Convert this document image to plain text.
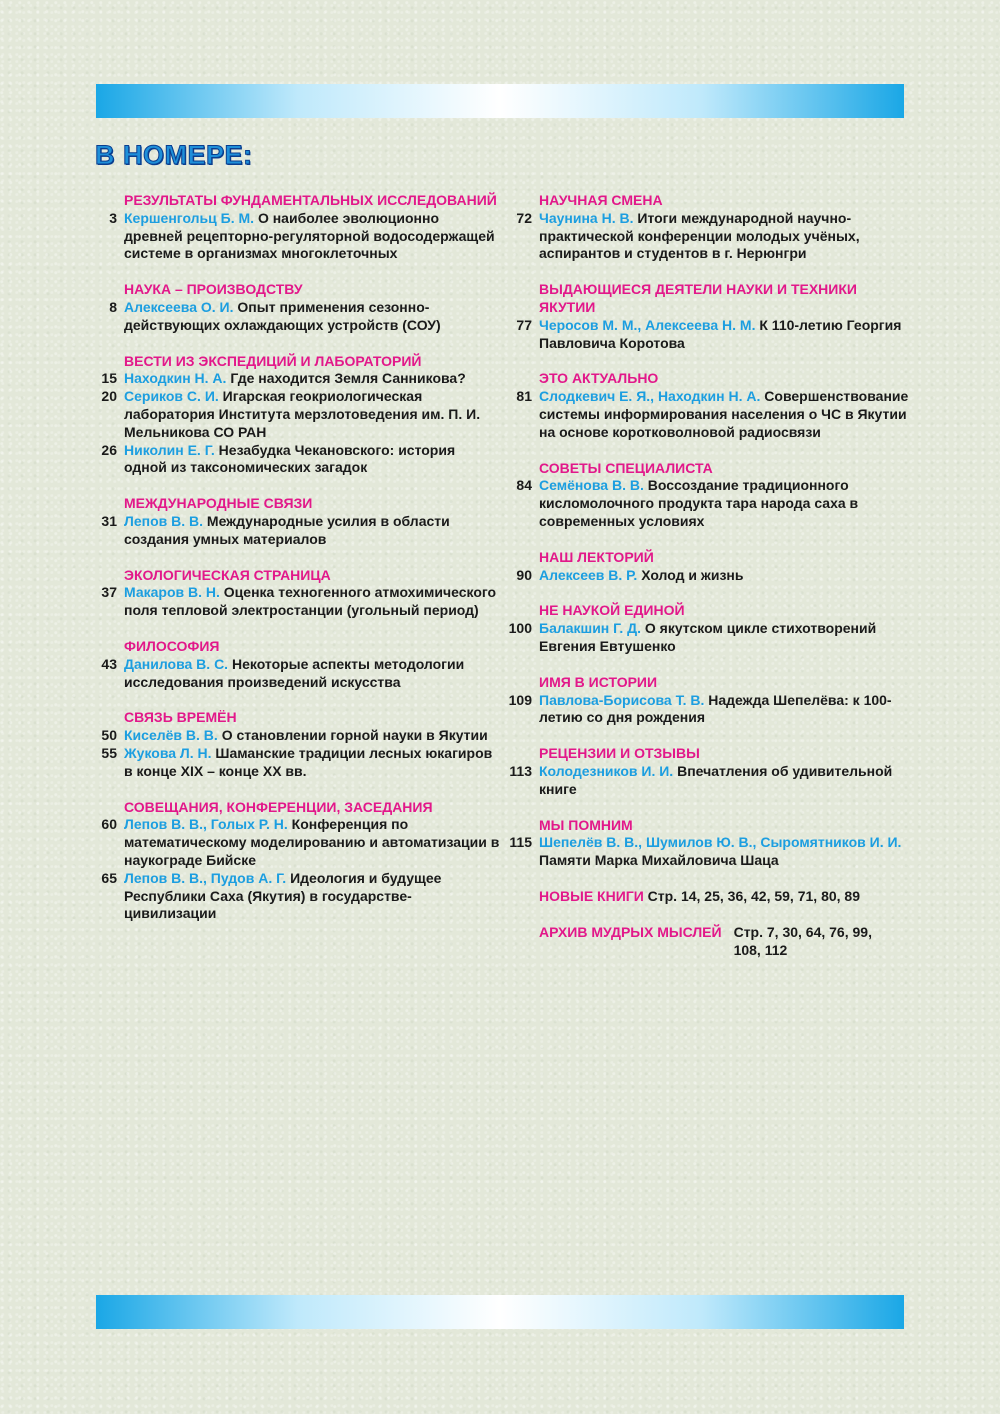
В НОМЕРЕ:
РЕЗУЛЬТАТЫ ФУНДАМЕНТАЛЬНЫХ ИССЛЕДОВАНИЙ
3 Кершенгольц Б. М. О наиболее эволюционно древней рецепторно-регуляторной водосодержащей системе в организмах многоклеточных
НАУКА – ПРОИЗВОДСТВУ
8 Алексеева О. И. Опыт применения сезонно-действующих охлаждающих устройств (СОУ)
ВЕСТИ ИЗ ЭКСПЕДИЦИЙ И ЛАБОРАТОРИЙ
15 Находкин Н. А. Где находится Земля Санникова?
20 Сериков С. И. Игарская геокриологическая лаборатория Института мерзлотоведения им. П. И. Мельникова СО РАН
26 Николин Е. Г. Незабудка Чекановского: история одной из таксономических загадок
МЕЖДУНАРОДНЫЕ СВЯЗИ
31 Лепов В. В. Международные усилия в области создания умных материалов
ЭКОЛОГИЧЕСКАЯ СТРАНИЦА
37 Макаров В. Н. Оценка техногенного атмохимического поля тепловой электростанции (угольный период)
ФИЛОСОФИЯ
43 Данилова В. С. Некоторые аспекты методологии исследования произведений искусства
СВЯЗЬ ВРЕМЁН
50 Киселёв В. В. О становлении горной науки в Якутии
55 Жукова Л. Н. Шаманские традиции лесных юкагиров в конце XIX – конце XX вв.
СОВЕЩАНИЯ, КОНФЕРЕНЦИИ, ЗАСЕДАНИЯ
60 Лепов В. В., Голых Р. Н. Конференция по математическому моделированию и автоматизации в наукограде Бийске
65 Лепов В. В., Пудов А. Г. Идеология и будущее Республики Саха (Якутия) в государстве-цивилизации
НАУЧНАЯ СМЕНА
72 Чаунина Н. В. Итоги международной научно-практической конференции молодых учёных, аспирантов и студентов в г. Нерюнгри
ВЫДАЮЩИЕСЯ ДЕЯТЕЛИ НАУКИ И ТЕХНИКИ ЯКУТИИ
77 Черосов М. М., Алексеева Н. М. К 110-летию Георгия Павловича Коротова
ЭТО АКТУАЛЬНО
81 Слодкевич Е. Я., Находкин Н. А. Совершенствование системы информирования населения о ЧС в Якутии на основе коротковолновой радиосвязи
СОВЕТЫ СПЕЦИАЛИСТА
84 Семёнова В. В. Воссоздание традиционного кисломолочного продукта тара народа саха в современных условиях
НАШ ЛЕКТОРИЙ
90 Алексеев В. Р. Холод и жизнь
НЕ НАУКОЙ ЕДИНОЙ
100 Балакшин Г. Д. О якутском цикле стихотворений Евгения Евтушенко
ИМЯ В ИСТОРИИ
109 Павлова-Борисова Т. В. Надежда Шепелёва: к 100-летию со дня рождения
РЕЦЕНЗИИ И ОТЗЫВЫ
113 Колодезников И. И. Впечатления об удивительной книге
МЫ ПОМНИМ
115 Шепелёв В. В., Шумилов Ю. В., Сыромятников И. И. Памяти Марка Михайловича Шаца
НОВЫЕ КНИГИ Стр. 14, 25, 36, 42, 59, 71, 80, 89
АРХИВ МУДРЫХ МЫСЛЕЙ Стр. 7, 30, 64, 76, 99, 108, 112
